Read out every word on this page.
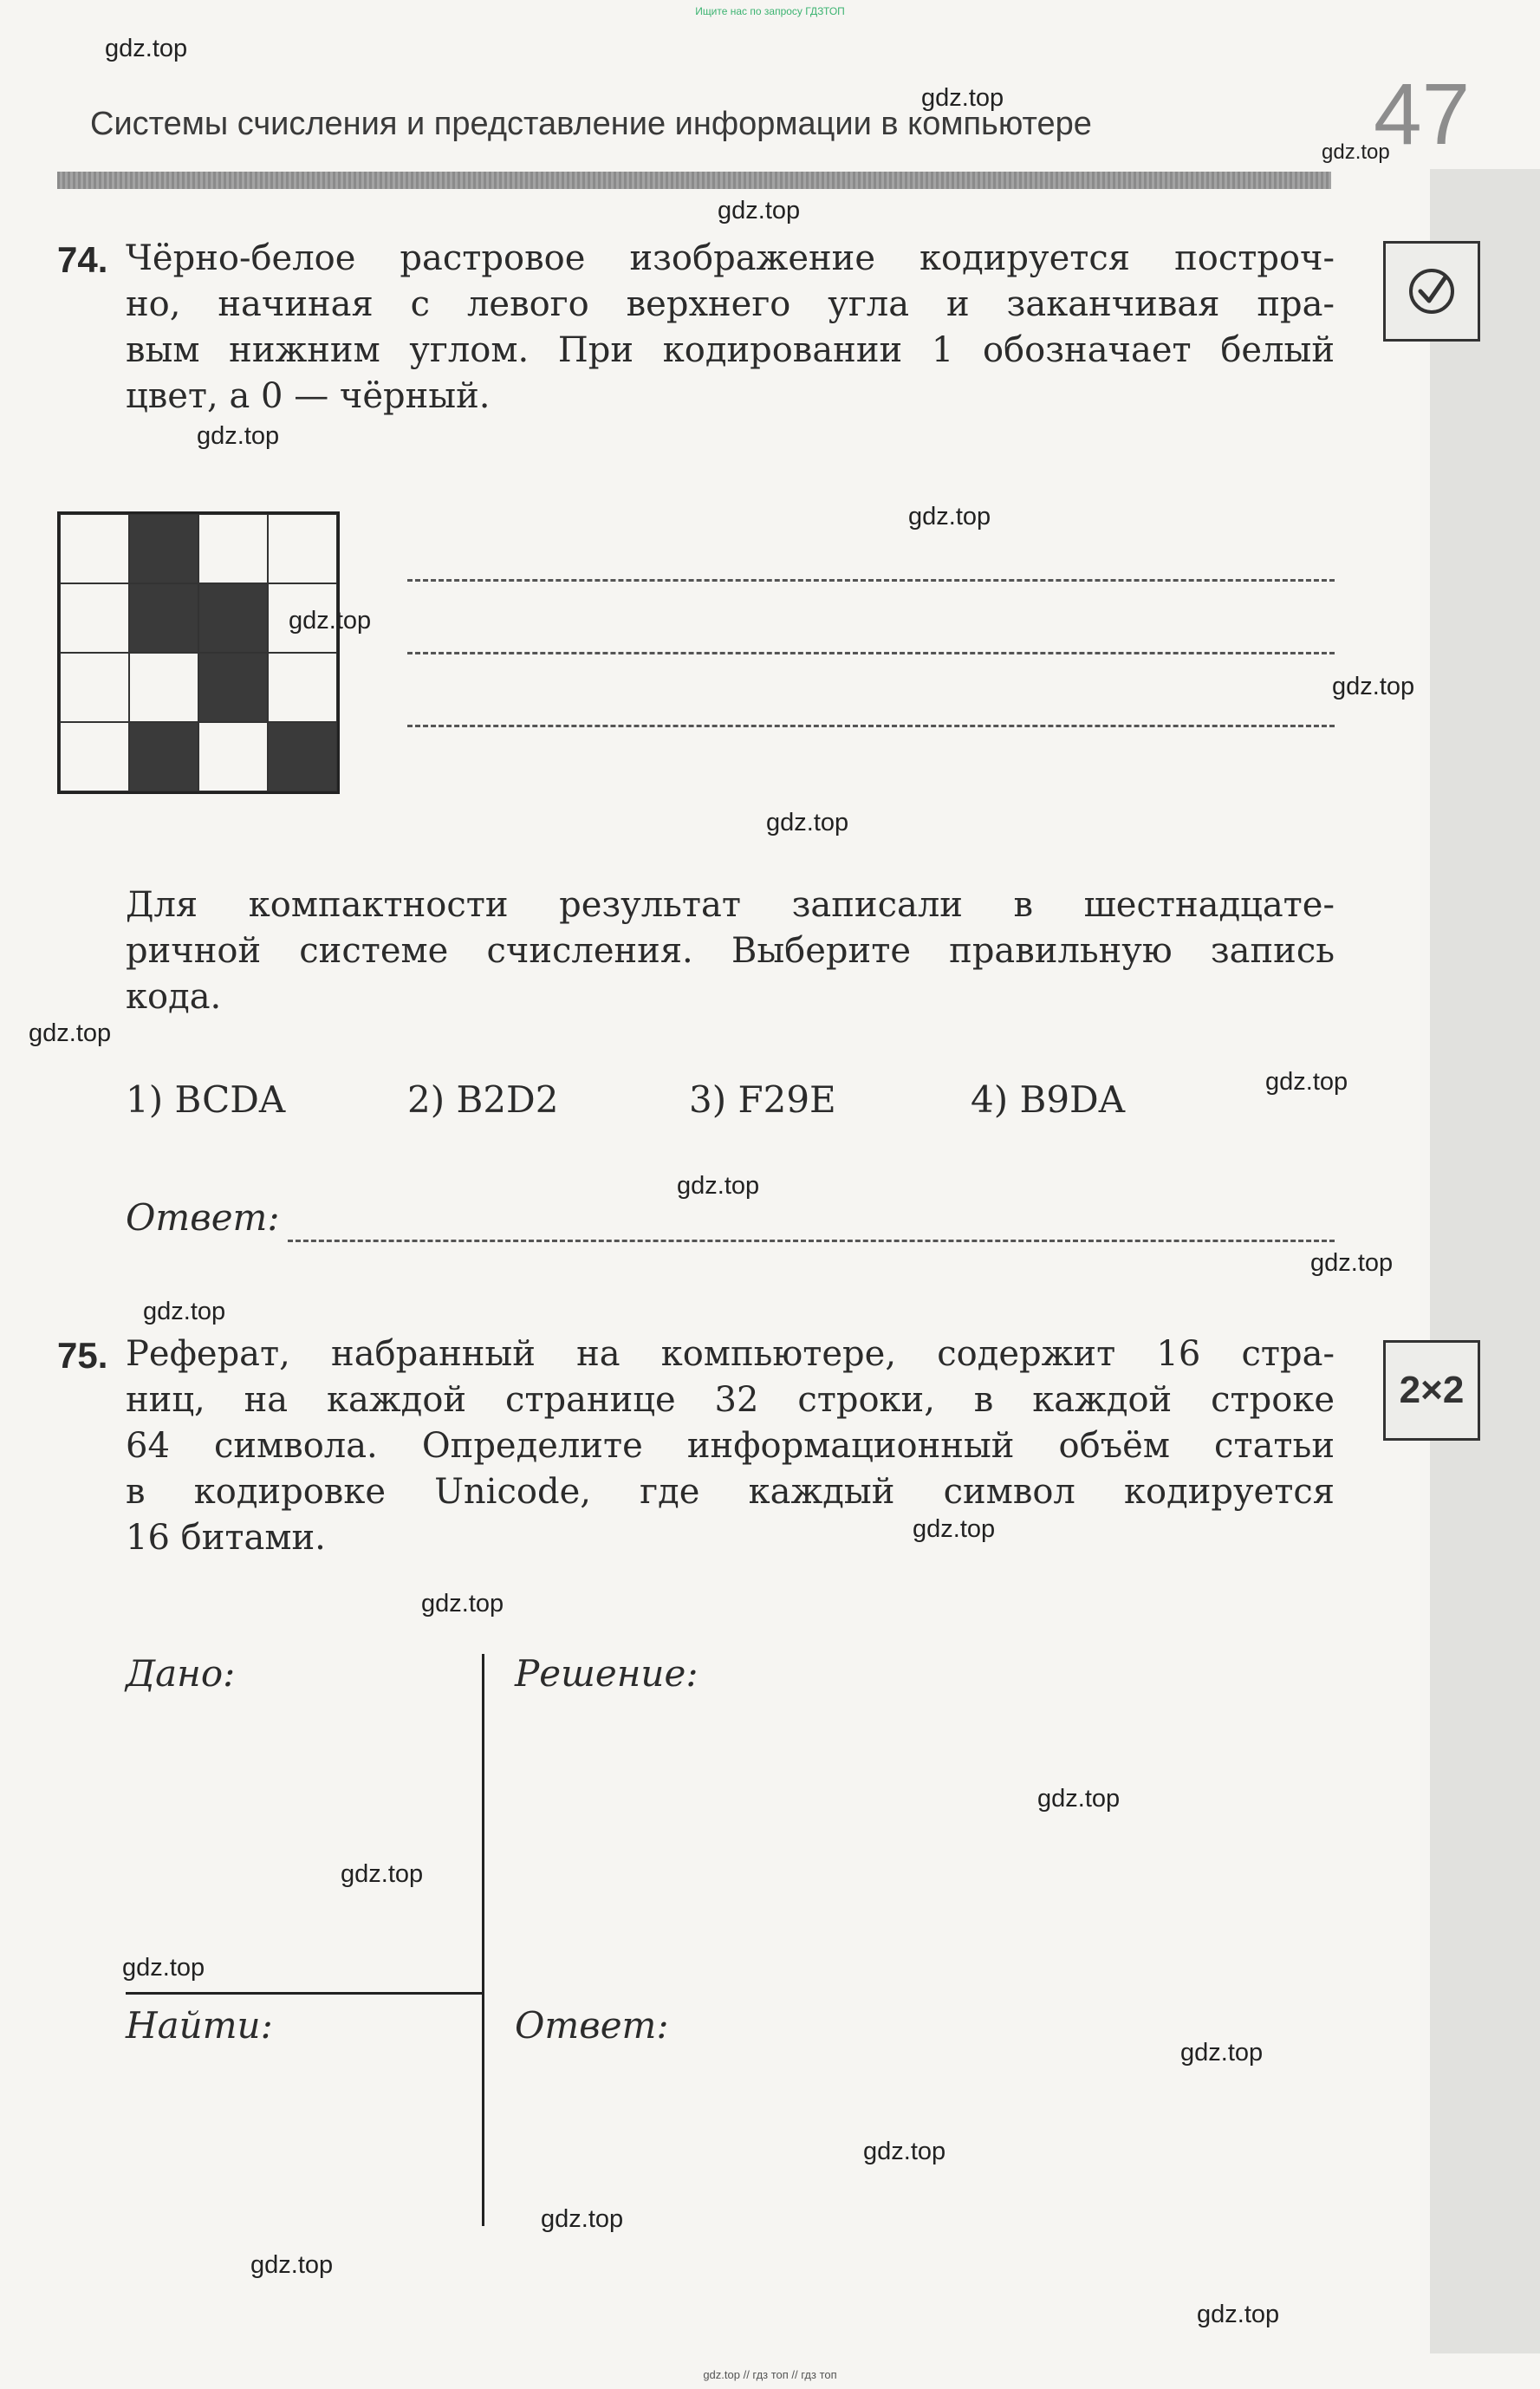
Ищите нас по запросу ГДЗТОП
Системы счисления и представление информации в компьютере	47
gdz.top
gdz.top
gdz.top
gdz.top
gdz.top
gdz.top
gdz.top
gdz.top
gdz.top
gdz.top
gdz.top
gdz.top
gdz.top
gdz.top
gdz.top
gdz.top
gdz.top
gdz.top
gdz.top
gdz.top
gdz.top
gdz.top
gdz.top
gdz.top
74. Чёрно-белое растровое изображение кодируется построч-
но, начиная с левого верхнего угла и заканчивая пра-
вым нижним углом. При кодировании 1 обозначает белый
цвет, а 0 — чёрный.
Для компактности результат записали в шестнадцате-
ричной системе счисления. Выберите правильную запись
кода.
1) BCDA	2) B2D2	3) F29E	4) B9DA
Ответ:
75. Реферат, набранный на компьютере, содержит 16 стра-
ниц, на каждой странице 32 строки, в каждой строке
64 символа. Определите информационный объём статьи
в кодировке Unicode, где каждый символ кодируется
16 битами.
2×2
Дано:	Решение:
Найти:	Ответ:
gdz.top // гдз топ // гдз топ
